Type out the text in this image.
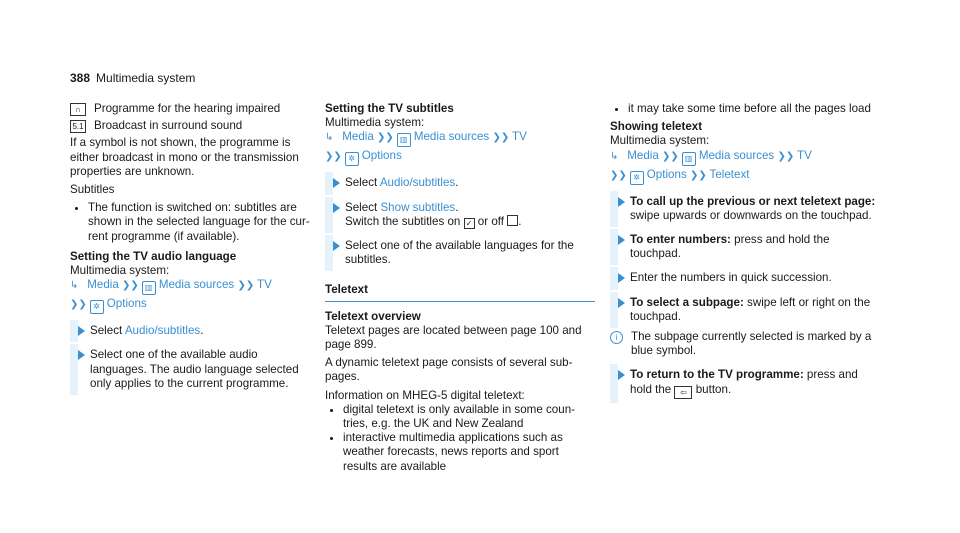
388 Multimedia system
∩	Programme for the hearing impaired
5.1 Broadcast in surround sound

If a symbol is not shown, the programme is either broadcast in mono or the transmission properties are unknown.

Subtitles

• The function is switched on: subtitles are shown in the selected language for the current programme (if available).

Setting the TV audio language

Multimedia system:

↳ Media ❯❯ ▥ Media sources ❯❯ TV
❯❯ ✲ Options
Select Audio/subtitles.
Select one of the available audio languages. The audio language selected only applies to the current programme.

Setting the TV subtitles

Multimedia system:

↳ Media ❯❯ ▥ Media sources ❯❯ TV
❯❯ ✲ Options
Select Audio/subtitles.
Select Show subtitles.
Switch the subtitles on ✓ or off .
Select one of the available languages for the subtitles.
Teletext

Teletext overview

Teletext pages are located between page 100 and page 899.

A dynamic teletext page consists of several sub-pages.

Information on MHEG-5 digital teletext:

• digital teletext is only available in some countries, e.g. the UK and New Zealand
• interactive multimedia applications such as weather forecasts, news reports and sport results are available
• it may take some time before all the pages load

Showing teletext

Multimedia system:

↳ Media ❯❯ ▥ Media sources ❯❯ TV
❯❯ ✲ Options ❯❯ Teletext
To call up the previous or next teletext page: swipe upwards or downwards on the touchpad.
To enter numbers: press and hold the touchpad.
Enter the numbers in quick succession.
To select a subpage: swipe left or right on the touchpad.
i	The subpage currently selected is marked by a blue symbol.
To return to the TV programme: press and hold the ⇦ button.
